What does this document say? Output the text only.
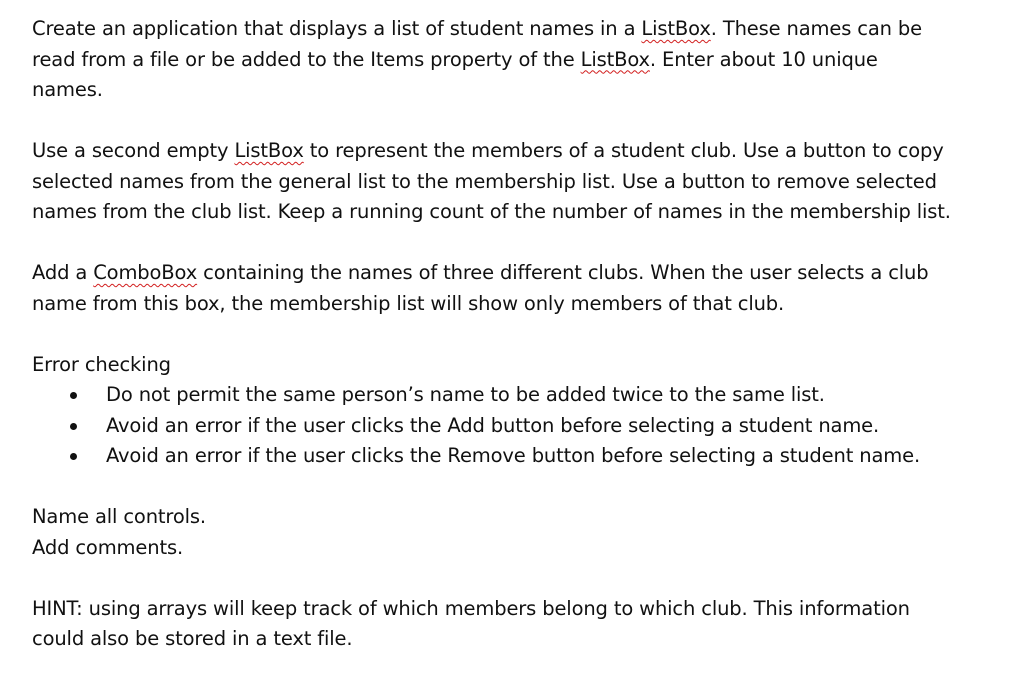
Create an application that displays a list of student names in a ListBox. These names can be
read from a file or be added to the Items property of the ListBox. Enter about 10 unique
names.

Use a second empty ListBox to represent the members of a student club. Use a button to copy
selected names from the general list to the membership list. Use a button to remove selected
names from the club list. Keep a running count of the number of names in the membership list.

Add a ComboBox containing the names of three different clubs. When the user selects a club
name from this box, the membership list will show only members of that club.

Error checking
Do not permit the same person’s name to be added twice to the same list.
Avoid an error if the user clicks the Add button before selecting a student name.
Avoid an error if the user clicks the Remove button before selecting a student name.

Name all controls.
Add comments.

HINT: using arrays will keep track of which members belong to which club. This information
could also be stored in a text file.
